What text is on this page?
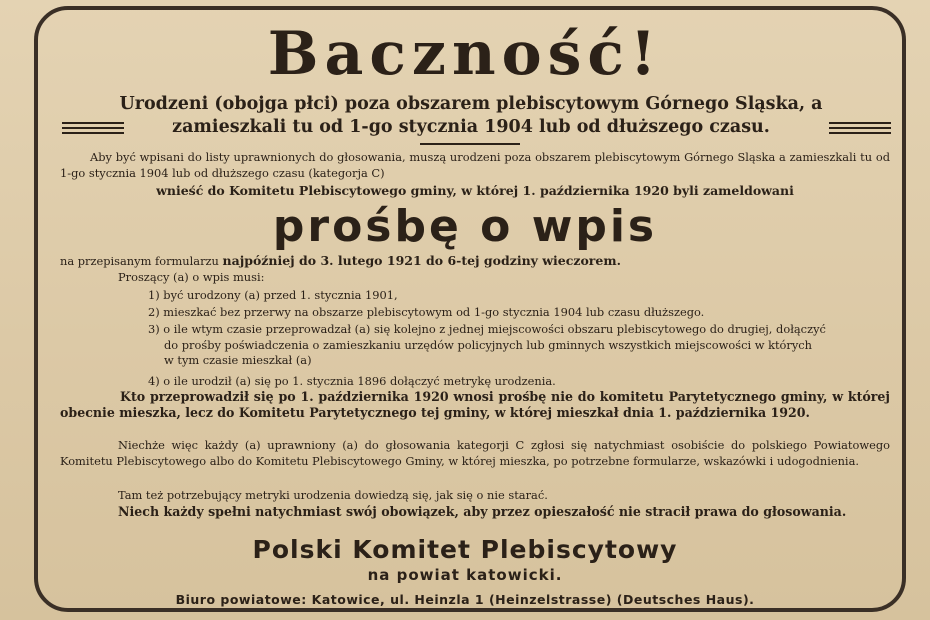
Baczność!
Urodzeni (obojga płci) poza obszarem plebiscytowym Górnego Sląska, a
zamieszkali tu od 1-go stycznia 1904 lub od dłuższego czasu.
Aby być wpisani do listy uprawnionych do głosowania, muszą urodzeni poza obszarem plebiscytowym Górnego Sląska a zamieszkali tu od 1-go stycznia 1904 lub od dłuższego czasu (kategorja C)
wnieść do Komitetu Plebiscytowego gminy, w której 1. października 1920 byli zameldowani
prośbę o wpis
na przepisanym formularzu najpóźniej do 3. lutego 1921 do 6-tej godziny wieczorem.
Proszący (a) o wpis musi:
1) być urodzony (a) przed 1. stycznia 1901,
2) mieszkać bez przerwy na obszarze plebiscytowym od 1-go stycznia 1904 lub czasu dłuższego.
3) o ile wtym czasie przeprowadzał (a) się kolejno z jednej miejscowości obszaru plebiscytowego do drugiej, dołączyć
do prośby poświadczenia o zamieszkaniu urzędów policyjnych lub gminnych wszystkich miejscowości w których
w tym czasie mieszkał (a)
4) o ile urodził (a) się po 1. stycznia 1896 dołączyć metrykę urodzenia.
Kto przeprowadził się po 1. października 1920 wnosi prośbę nie do komitetu Parytetycznego gminy, w której obecnie mieszka, lecz do Komitetu Parytetycznego tej gminy, w której mieszkał dnia 1. października 1920.
Niechże więc każdy (a) uprawniony (a) do głosowania kategorji C zgłosi się natychmiast osobiście do polskiego Powiatowego Komitetu Plebiscytowego albo do Komitetu Plebiscytowego Gminy, w której mieszka, po potrzebne formularze, wskazówki i udogodnienia.
Tam też potrzebujący metryki urodzenia dowiedzą się, jak się o nie starać.
Niech każdy spełni natychmiast swój obowiązek, aby przez opieszałość nie stracił prawa do głosowania.
Polski Komitet Plebiscytowy
na powiat katowicki.
Biuro powiatowe: Katowice, ul. Heinzla 1 (Heinzelstrasse) (Deutsches Haus).
